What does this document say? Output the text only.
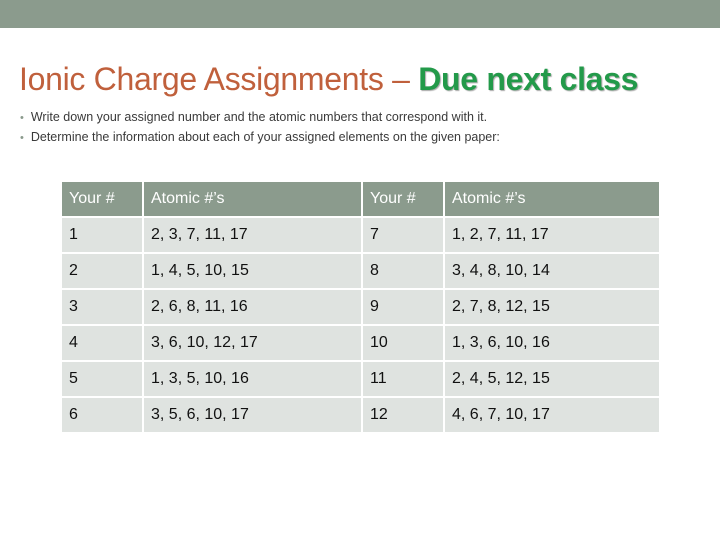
Ionic Charge Assignments – Due next class
• Write down your assigned number and the atomic numbers that correspond with it.
• Determine the information about each of your assigned elements on the given paper:
Your #	Atomic #’s	Your #	Atomic #’s
1	2, 3, 7, 11, 17	7	1, 2, 7, 11, 17
2	1, 4, 5, 10, 15	8	3, 4, 8, 10, 14
3	2, 6, 8, 11, 16	9	2, 7, 8, 12, 15
4	3, 6, 10, 12, 17	10	1, 3, 6, 10, 16
5	1, 3, 5, 10, 16	11	2, 4, 5, 12, 15
6	3, 5, 6, 10, 17	12	4, 6, 7, 10, 17
